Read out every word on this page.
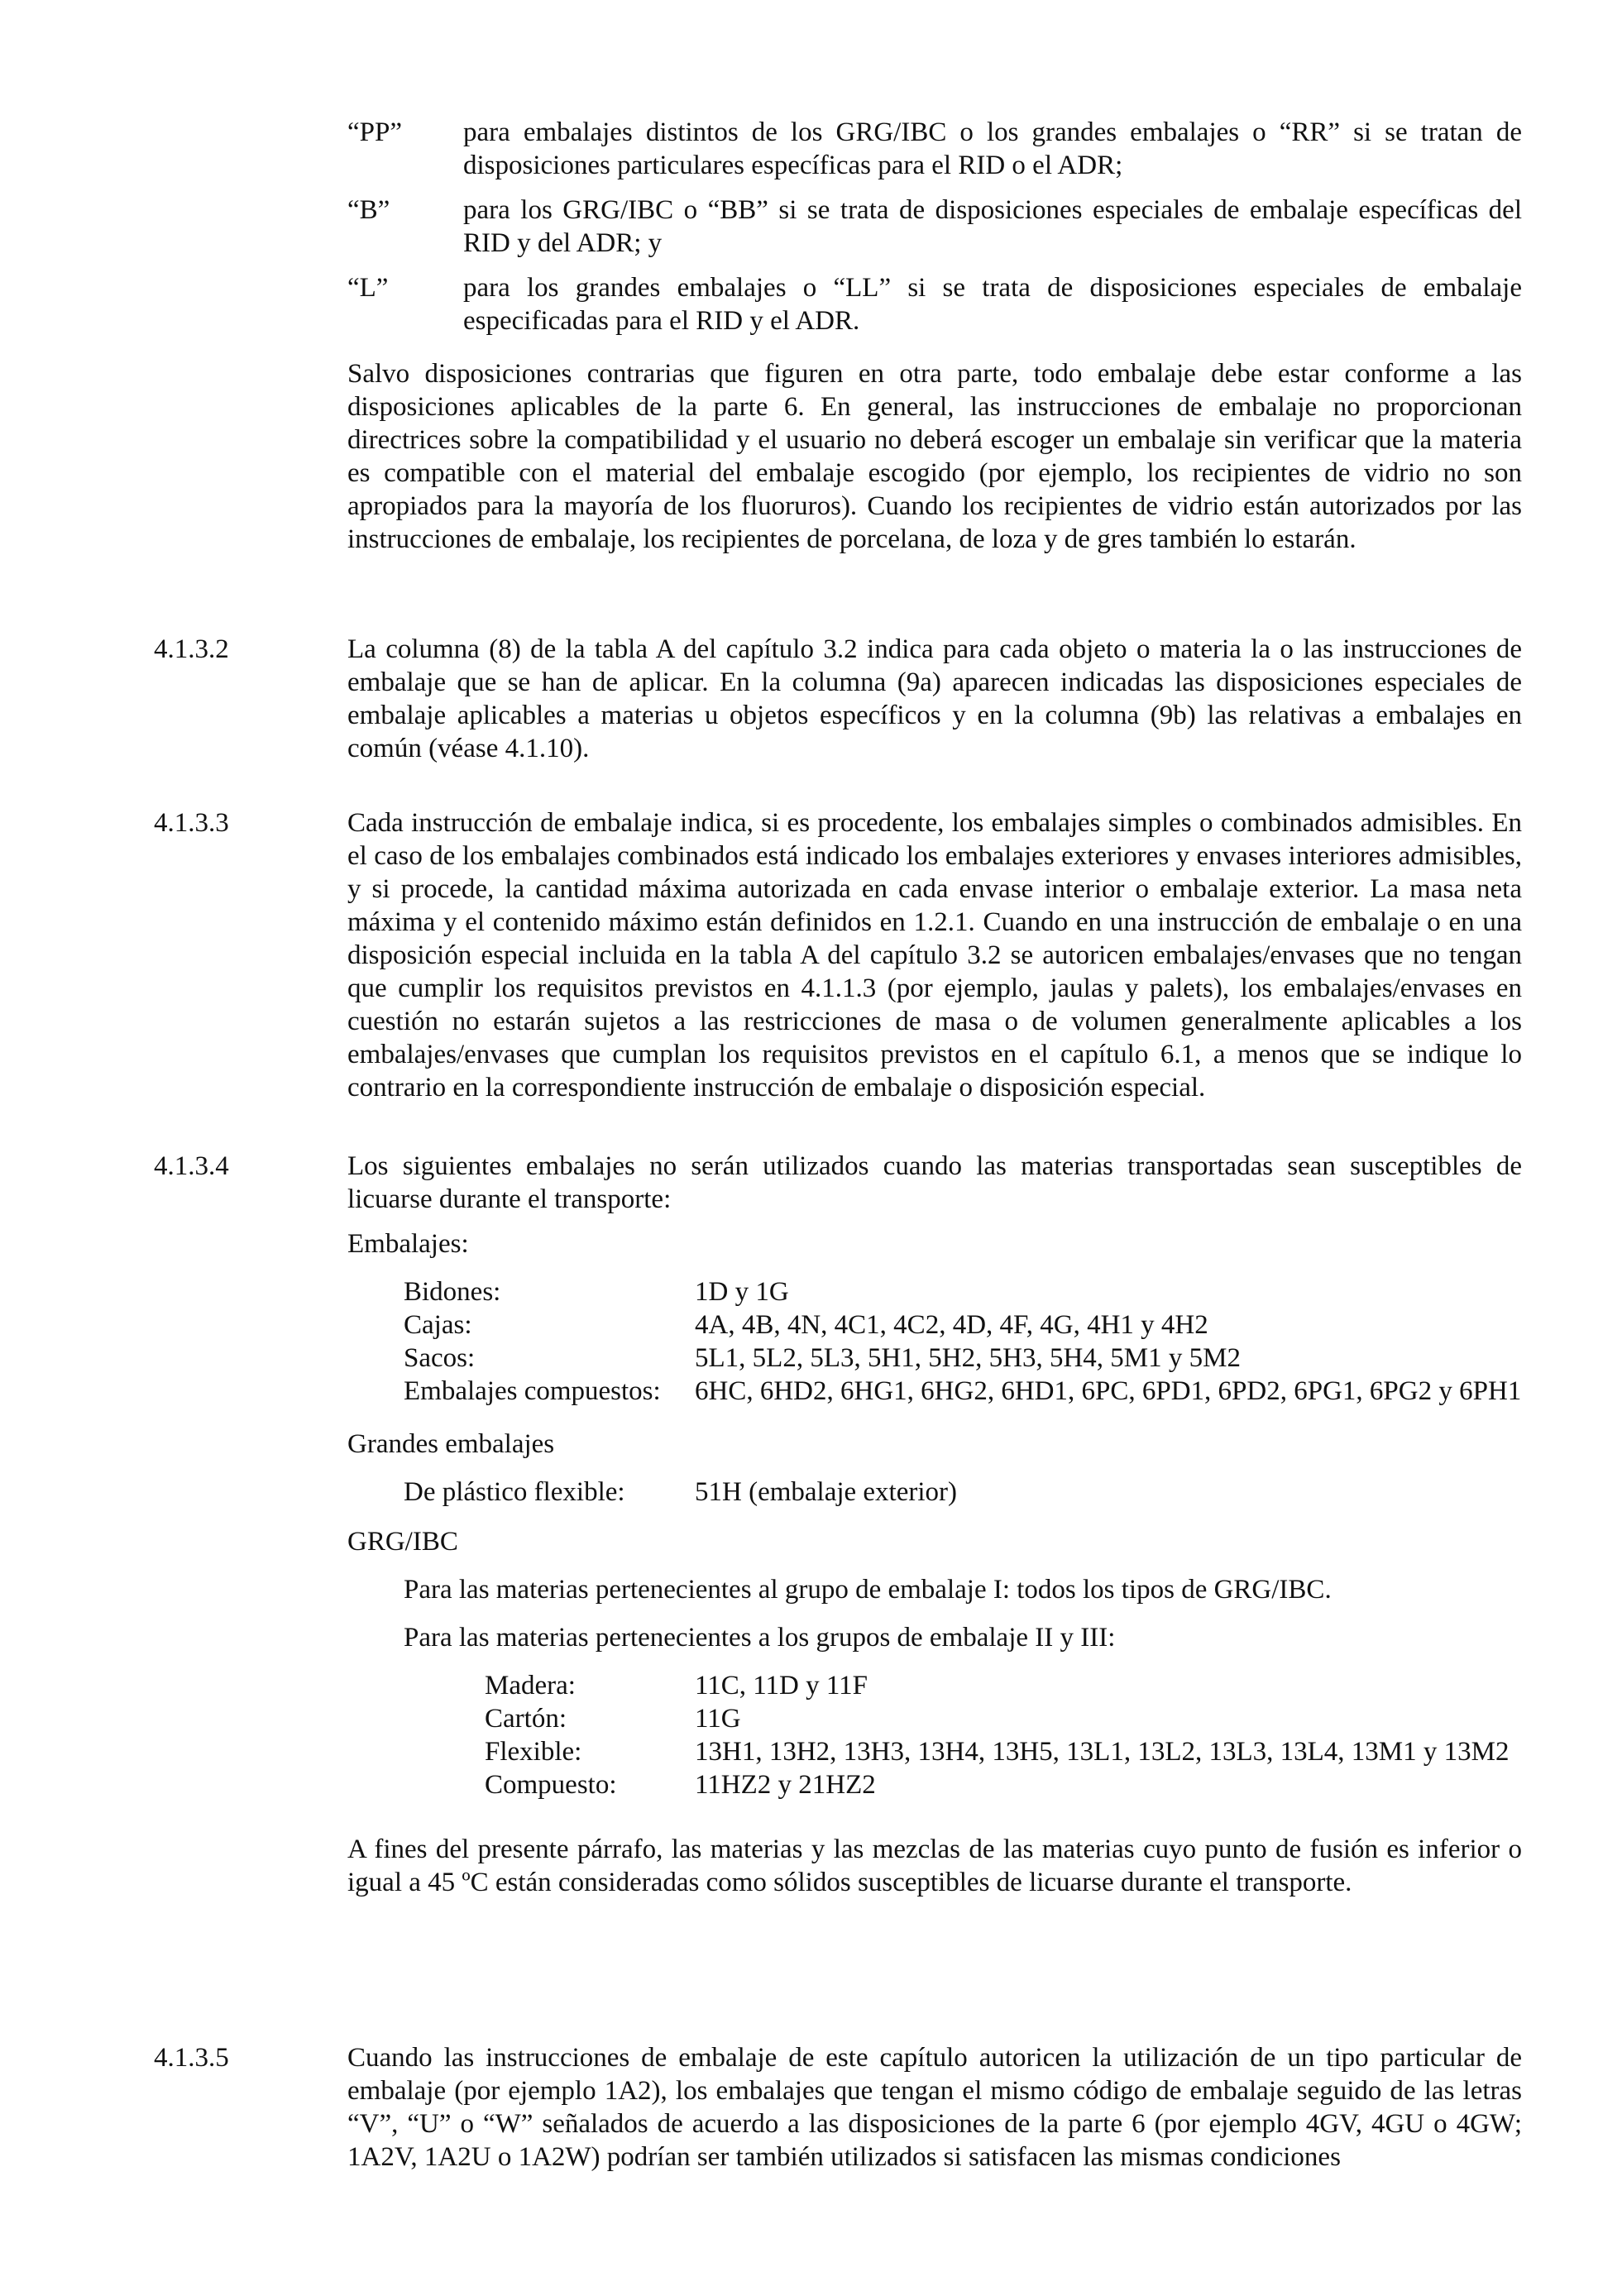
“PP”	para embalajes distintos de los GRG/IBC o los grandes embalajes o “RR” si se tratan de disposiciones particulares específicas para el RID o el ADR;
“B”	para los GRG/IBC o “BB” si se trata de disposiciones especiales de embalaje específicas del RID y del ADR; y
“L”	para los grandes embalajes o “LL” si se trata de disposiciones especiales de embalaje especificadas para el RID y el ADR.

Salvo disposiciones contrarias que figuren en otra parte, todo embalaje debe estar conforme a las disposiciones aplicables de la parte 6. En general, las instrucciones de embalaje no proporcionan directrices sobre la compatibilidad y el usuario no deberá escoger un embalaje sin verificar que la materia es compatible con el material del embalaje escogido (por ejemplo, los recipientes de vidrio no son apropiados para la mayoría de los fluoruros). Cuando los recipientes de vidrio están autorizados por las instrucciones de embalaje, los recipientes de porcelana, de loza y de gres también lo estarán.

4.1.3.2	La columna (8) de la tabla A del capítulo 3.2 indica para cada objeto o materia la o las instrucciones de embalaje que se han de aplicar. En la columna (9a) aparecen indicadas las disposiciones especiales de embalaje aplicables a materias u objetos específicos y en la columna (9b) las relativas a embalajes en común (véase 4.1.10).

4.1.3.3	Cada instrucción de embalaje indica, si es procedente, los embalajes simples o combinados admisibles. En el caso de los embalajes combinados está indicado los embalajes exteriores y envases interiores admisibles, y si procede, la cantidad máxima autorizada en cada envase interior o embalaje exterior. La masa neta máxima y el contenido máximo están definidos en 1.2.1. Cuando en una instrucción de embalaje o en una disposición especial incluida en la tabla A del capítulo 3.2 se autoricen embalajes/envases que no tengan que cumplir los requisitos previstos en 4.1.1.3 (por ejemplo, jaulas y palets), los embalajes/envases en cuestión no estarán sujetos a las restricciones de masa o de volumen generalmente aplicables a los embalajes/envases que cumplan los requisitos previstos en el capítulo 6.1, a menos que se indique lo contrario en la correspondiente instrucción de embalaje o disposición especial.

4.1.3.4	Los siguientes embalajes no serán utilizados cuando las materias transportadas sean susceptibles de licuarse durante el transporte:

Embalajes:

Bidones:	1D y 1G
Cajas:	4A, 4B, 4N, 4C1, 4C2, 4D, 4F, 4G, 4H1 y 4H2
Sacos:	5L1, 5L2, 5L3, 5H1, 5H2, 5H3, 5H4, 5M1 y 5M2
Embalajes compuestos:	6HC, 6HD2, 6HG1, 6HG2, 6HD1, 6PC, 6PD1, 6PD2, 6PG1, 6PG2 y 6PH1

Grandes embalajes

De plástico flexible:	51H (embalaje exterior)

GRG/IBC

Para las materias pertenecientes al grupo de embalaje I: todos los tipos de GRG/IBC.

Para las materias pertenecientes a los grupos de embalaje II y III:

Madera:	11C, 11D y 11F
Cartón:	11G
Flexible:	13H1, 13H2, 13H3, 13H4, 13H5, 13L1, 13L2, 13L3, 13L4, 13M1 y 13M2
Compuesto:	11HZ2 y 21HZ2

A fines del presente párrafo, las materias y las mezclas de las materias cuyo punto de fusión es inferior o igual a 45 ºC están consideradas como sólidos susceptibles de licuarse durante el transporte.

4.1.3.5	Cuando las instrucciones de embalaje de este capítulo autoricen la utilización de un tipo particular de embalaje (por ejemplo 1A2), los embalajes que tengan el mismo código de embalaje seguido de las letras “V”, “U” o “W” señalados de acuerdo a las disposiciones de la parte 6 (por ejemplo 4GV, 4GU o 4GW; 1A2V, 1A2U o 1A2W) podrían ser también utilizados si satisfacen las mismas condiciones
